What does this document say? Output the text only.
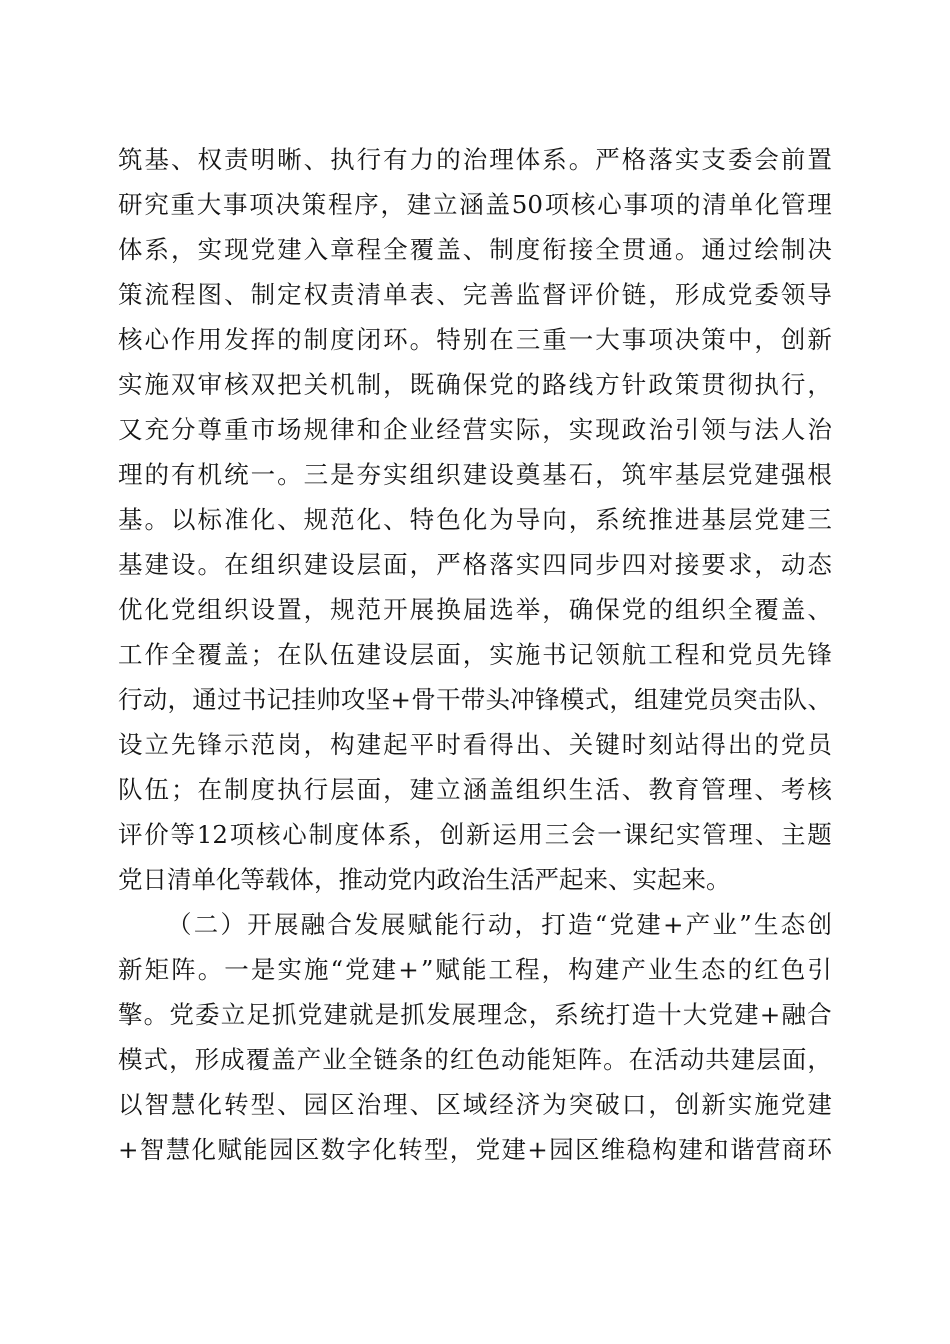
筑 基 、 权 责 明 晰 、 执 行 有 力 的 治 理 体 系 。 严 格 落 实 支 委 会 前 置
研 究 重 大 事 项 决 策 程 序 ， 建 立 涵 盖 50 项 核 心 事 项 的 清 单 化 管 理
体 系 ， 实 现 党 建 入 章 程 全 覆 盖 、 制 度 衔 接 全 贯 通 。 通 过 绘 制 决
策 流 程 图 、 制 定 权 责 清 单 表 、 完 善 监 督 评 价 链 ， 形 成 党 委 领 导
核 心 作 用 发 挥 的 制 度 闭 环 。 特 别 在 三 重 一 大 事 项 决 策 中 ， 创 新
实 施 双 审 核 双 把 关 机 制 ， 既 确 保 党 的 路 线 方 针 政 策 贯 彻 执 行 ，
又 充 分 尊 重 市 场 规 律 和 企 业 经 营 实 际 ， 实 现 政 治 引 领 与 法 人 治
理 的 有 机 统 一 。 三 是 夯 实 组 织 建 设 奠 基 石 ， 筑 牢 基 层 党 建 强 根
基 。 以 标 准 化 、 规 范 化 、 特 色 化 为 导 向 ， 系 统 推 进 基 层 党 建 三
基 建 设 。 在 组 织 建 设 层 面 ， 严 格 落 实 四 同 步 四 对 接 要 求 ， 动 态
优 化 党 组 织 设 置 ， 规 范 开 展 换 届 选 举 ， 确 保 党 的 组 织 全 覆 盖 、
工 作 全 覆 盖 ； 在 队 伍 建 设 层 面 ， 实 施 书 记 领 航 工 程 和 党 员 先 锋
行 动 ， 通 过 书 记 挂 帅 攻 坚 + 骨 干 带 头 冲 锋 模 式 ， 组 建 党 员 突 击 队 、
设 立 先 锋 示 范 岗 ， 构 建 起 平 时 看 得 出 、 关 键 时 刻 站 得 出 的 党 员
队 伍 ； 在 制 度 执 行 层 面 ， 建 立 涵 盖 组 织 生 活 、 教 育 管 理 、 考 核
评 价 等 12 项 核 心 制 度 体 系 ， 创 新 运 用 三 会 一 课 纪 实 管 理 、 主 题
党 日 清 单 化 等 载 体 ， 推 动 党 内 政 治 生 活 严 起 来 、 实 起 来 。
（ 二 ） 开 展 融 合 发 展 赋 能 行 动 ， 打 造 “ 党 建 + 产 业 ” 生 态 创
新 矩 阵 。 一 是 实 施 “ 党 建 + ” 赋 能 工 程 ， 构 建 产 业 生 态 的 红 色 引
擎 。 党 委 立 足 抓 党 建 就 是 抓 发 展 理 念 ， 系 统 打 造 十 大 党 建 + 融 合
模 式 ， 形 成 覆 盖 产 业 全 链 条 的 红 色 动 能 矩 阵 。 在 活 动 共 建 层 面 ，
以 智 慧 化 转 型 、 园 区 治 理 、 区 域 经 济 为 突 破 口 ， 创 新 实 施 党 建
+ 智 慧 化 赋 能 园 区 数 字 化 转 型 ， 党 建 + 园 区 维 稳 构 建 和 谐 营 商 环
